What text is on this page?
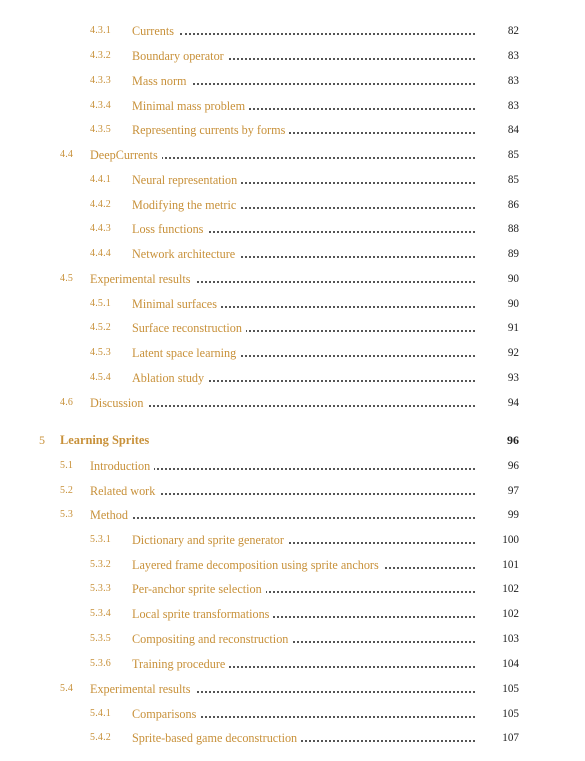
4.3.1 Currents	82
4.3.2 Boundary operator	83
4.3.3 Mass norm	83
4.3.4 Minimal mass problem	83
4.3.5 Representing currents by forms	84
4.4 DeepCurrents	85
4.4.1 Neural representation	85
4.4.2 Modifying the metric	86
4.4.3 Loss functions	88
4.4.4 Network architecture	89
4.5 Experimental results	90
4.5.1 Minimal surfaces	90
4.5.2 Surface reconstruction	91
4.5.3 Latent space learning	92
4.5.4 Ablation study	93
4.6 Discussion	94
5 Learning Sprites	96
5.1 Introduction	96
5.2 Related work	97
5.3 Method	99
5.3.1 Dictionary and sprite generator	100
5.3.2 Layered frame decomposition using sprite anchors	101
5.3.3 Per-anchor sprite selection	102
5.3.4 Local sprite transformations	102
5.3.5 Compositing and reconstruction	103
5.3.6 Training procedure	104
5.4 Experimental results	105
5.4.1 Comparisons	105
5.4.2 Sprite-based game deconstruction	107
